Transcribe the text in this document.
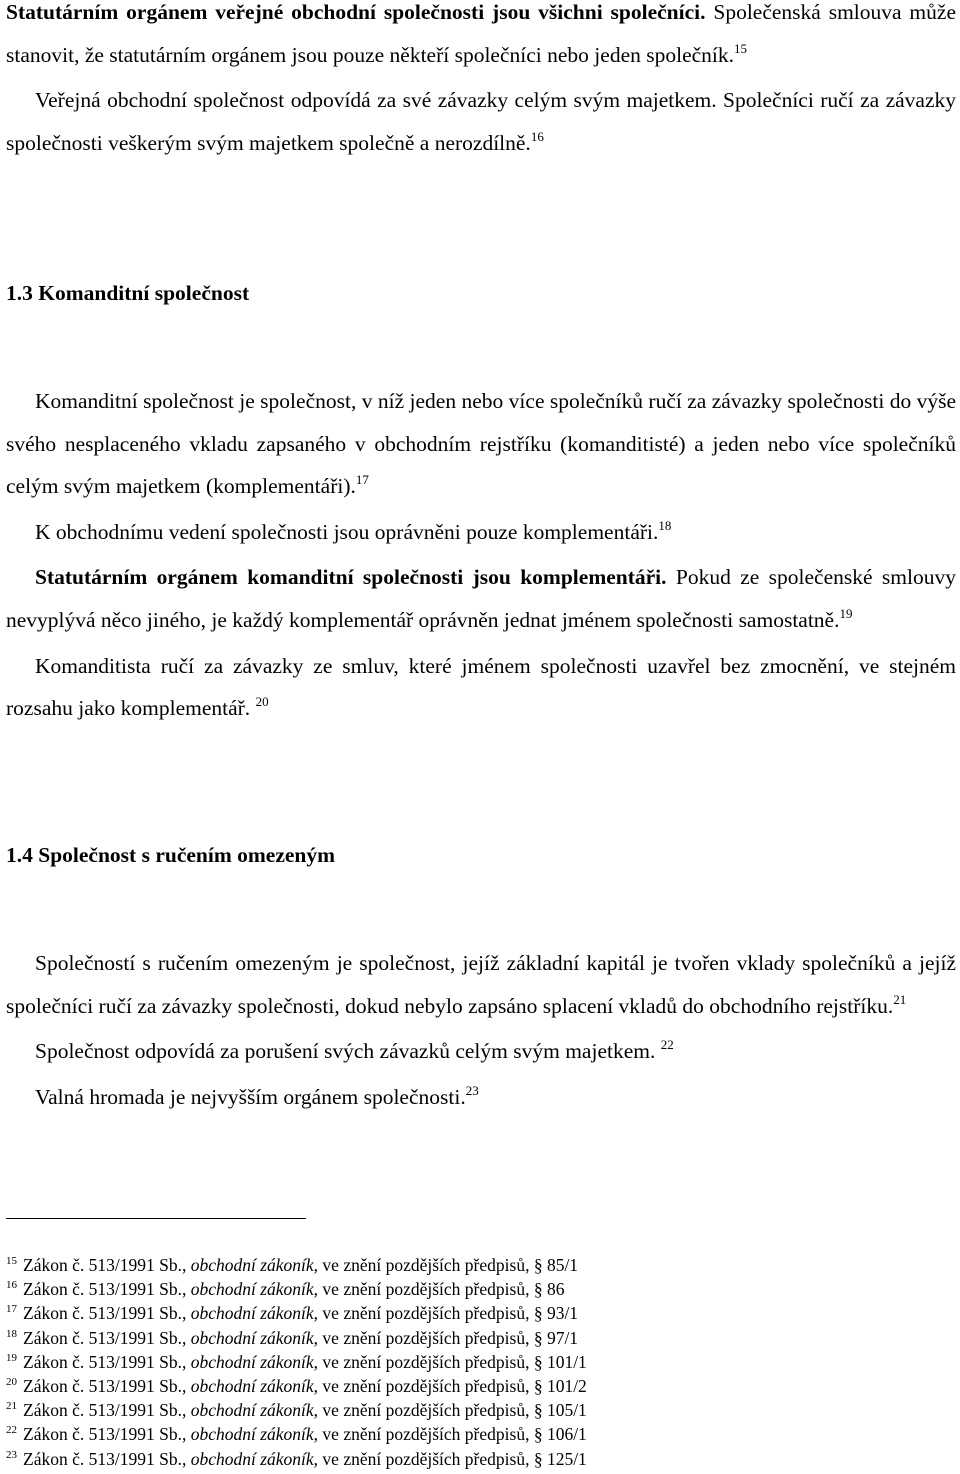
Statutárním orgánem veřejné obchodní společnosti jsou všichni společníci. Společenská smlouva může stanovit, že statutárním orgánem jsou pouze někteří společníci nebo jeden společník.$^{15}$

Veřejná obchodní společnost odpovídá za své závazky celým svým majetkem. Společníci ručí za závazky společnosti veškerým svým majetkem společně a nerozdílně.$^{16}$

1.3 Komanditní společnost

Komanditní společnost je společnost, v níž jeden nebo více společníků ručí za závazky společnosti do výše svého nesplaceného vkladu zapsaného v obchodním rejstříku (komanditisté) a jeden nebo více společníků celým svým majetkem (komplementáři).$^{17}$

K obchodnímu vedení společnosti jsou oprávněni pouze komplementáři.$^{18}$

Statutárním orgánem komanditní společnosti jsou komplementáři. Pokud ze společenské smlouvy nevyplývá něco jiného, je každý komplementář oprávněn jednat jménem společnosti samostatně.$^{19}$

Komanditista ručí za závazky ze smluv, které jménem společnosti uzavřel bez zmocnění, ve stejném rozsahu jako komplementář. $^{20}$

1.4 Společnost s ručením omezeným

Společností s ručením omezeným je společnost, jejíž základní kapitál je tvořen vklady společníků a jejíž společníci ručí za závazky společnosti, dokud nebylo zapsáno splacení vkladů do obchodního rejstříku.$^{21}$

Společnost odpovídá za porušení svých závazků celým svým majetkem. $^{22}$

Valná hromada je nejvyšším orgánem společnosti.$^{23}$

$^{15}$ Zákon č. 513/1991 Sb., obchodní zákoník, ve znění pozdějších předpisů, § 85/1
$^{16}$ Zákon č. 513/1991 Sb., obchodní zákoník, ve znění pozdějších předpisů, § 86
$^{17}$ Zákon č. 513/1991 Sb., obchodní zákoník, ve znění pozdějších předpisů, § 93/1
$^{18}$ Zákon č. 513/1991 Sb., obchodní zákoník, ve znění pozdějších předpisů, § 97/1
$^{19}$ Zákon č. 513/1991 Sb., obchodní zákoník, ve znění pozdějších předpisů, § 101/1
$^{20}$ Zákon č. 513/1991 Sb., obchodní zákoník, ve znění pozdějších předpisů, § 101/2
$^{21}$ Zákon č. 513/1991 Sb., obchodní zákoník, ve znění pozdějších předpisů, § 105/1
$^{22}$ Zákon č. 513/1991 Sb., obchodní zákoník, ve znění pozdějších předpisů, § 106/1
$^{23}$ Zákon č. 513/1991 Sb., obchodní zákoník, ve znění pozdějších předpisů, § 125/1
